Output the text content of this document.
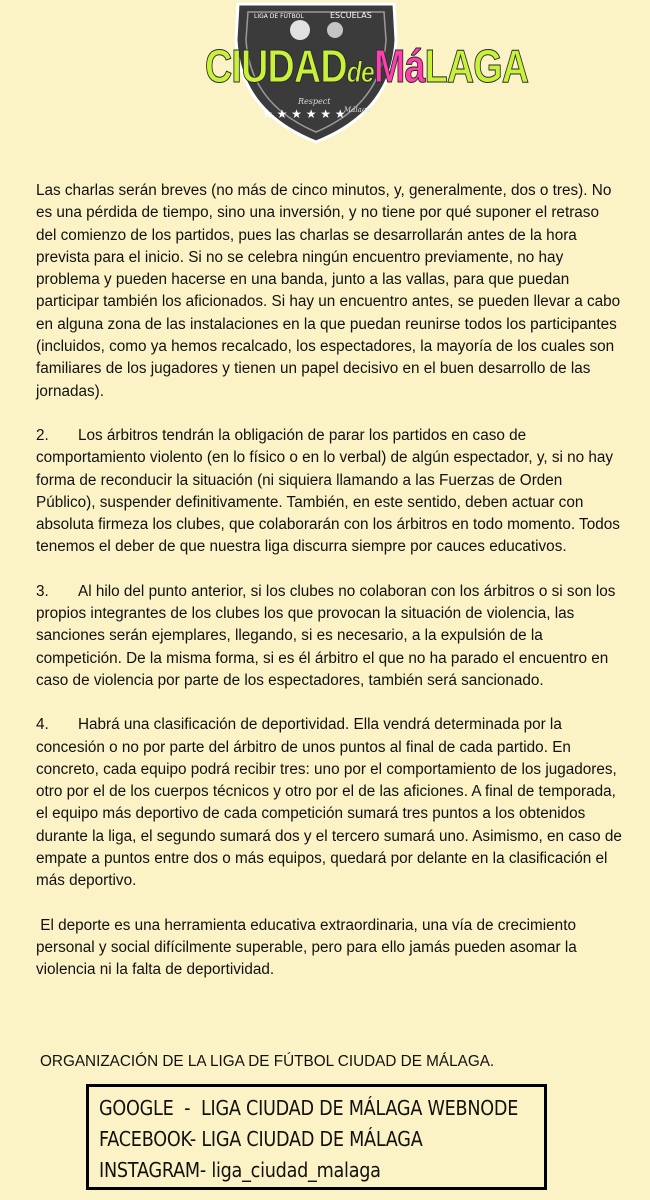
★ ★ ★ ★ ★ ★
LIGA DE FÚTBOL	ESCUELAS
Respect
Málaga
CIUDADdeMáLAGA

Las charlas serán breves (no más de cinco minutos, y, generalmente, dos o tres). No es una pérdida de tiempo, sino una inversión, y no tiene por qué suponer el retraso del comienzo de los partidos, pues las charlas se desarrollarán antes de la hora prevista para el inicio. Si no se celebra ningún encuentro previamente, no hay problema y pueden hacerse en una banda, junto a las vallas, para que puedan participar también los aficionados. Si hay un encuentro antes, se pueden llevar a cabo en alguna zona de las instalaciones en la que puedan reunirse todos los participantes (incluidos, como ya hemos recalcado, los espectadores, la mayoría de los cuales son familiares de los jugadores y tienen un papel decisivo en el buen desarrollo de las jornadas).

2. Los árbitros tendrán la obligación de parar los partidos en caso de comportamiento violento (en lo físico o en lo verbal) de algún espectador, y, si no hay forma de reconducir la situación (ni siquiera llamando a las Fuerzas de Orden Público), suspender definitivamente. También, en este sentido, deben actuar con absoluta firmeza los clubes, que colaborarán con los árbitros en todo momento. Todos tenemos el deber de que nuestra liga discurra siempre por cauces educativos.

3. Al hilo del punto anterior, si los clubes no colaboran con los árbitros o si son los propios integrantes de los clubes los que provocan la situación de violencia, las sanciones serán ejemplares, llegando, si es necesario, a la expulsión de la competición. De la misma forma, si es él árbitro el que no ha parado el encuentro en caso de violencia por parte de los espectadores, también será sancionado.

4. Habrá una clasificación de deportividad. Ella vendrá determinada por la concesión o no por parte del árbitro de unos puntos al final de cada partido. En concreto, cada equipo podrá recibir tres: uno por el comportamiento de los jugadores, otro por el de los cuerpos técnicos y otro por el de las aficiones. A final de temporada, el equipo más deportivo de cada competición sumará tres puntos a los obtenidos durante la liga, el segundo sumará dos y el tercero sumará uno. Asimismo, en caso de empate a puntos entre dos o más equipos, quedará por delante en la clasificación el más deportivo.

El deporte es una herramienta educativa extraordinaria, una vía de crecimiento personal y social difícilmente superable, pero para ello jamás pueden asomar la violencia ni la falta de deportividad.

ORGANIZACIÓN DE LA LIGA DE FÚTBOL CIUDAD DE MÁLAGA.
GOOGLE  -  LIGA CIUDAD DE MÁLAGA WEBNODE
FACEBOOK- LIGA CIUDAD DE MÁLAGA
INSTAGRAM- liga_ciudad_malaga
